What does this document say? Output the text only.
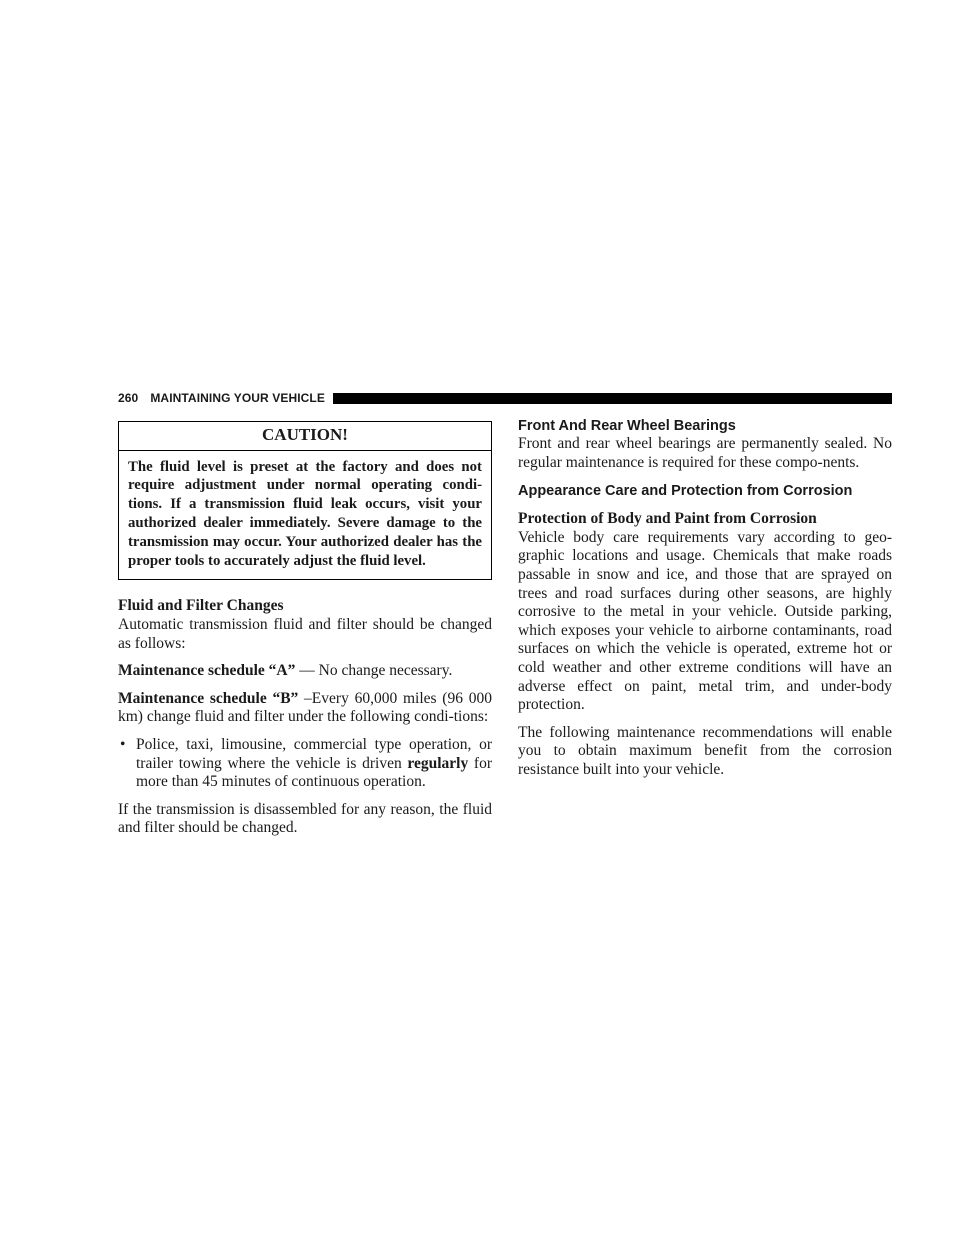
260 MAINTAINING YOUR VEHICLE
CAUTION!
The fluid level is preset at the factory and does not require adjustment under normal operating condi-tions. If a transmission fluid leak occurs, visit your authorized dealer immediately. Severe damage to the transmission may occur. Your authorized dealer has the proper tools to accurately adjust the fluid level.

Fluid and Filter Changes

Automatic transmission fluid and filter should be changed as follows:

Maintenance schedule “A” — No change necessary.

Maintenance schedule “B” –Every 60,000 miles (96 000 km) change fluid and filter under the following condi-tions:

• Police, taxi, limousine, commercial type operation, or trailer towing where the vehicle is driven regularly for more than 45 minutes of continuous operation.

If the transmission is disassembled for any reason, the fluid and filter should be changed.

Front And Rear Wheel Bearings

Front and rear wheel bearings are permanently sealed. No regular maintenance is required for these compo-nents.

Appearance Care and Protection from Corrosion

Protection of Body and Paint from Corrosion

Vehicle body care requirements vary according to geo-graphic locations and usage. Chemicals that make roads passable in snow and ice, and those that are sprayed on trees and road surfaces during other seasons, are highly corrosive to the metal in your vehicle. Outside parking, which exposes your vehicle to airborne contaminants, road surfaces on which the vehicle is operated, extreme hot or cold weather and other extreme conditions will have an adverse effect on paint, metal trim, and under-body protection.

The following maintenance recommendations will enable you to obtain maximum benefit from the corrosion resistance built into your vehicle.
